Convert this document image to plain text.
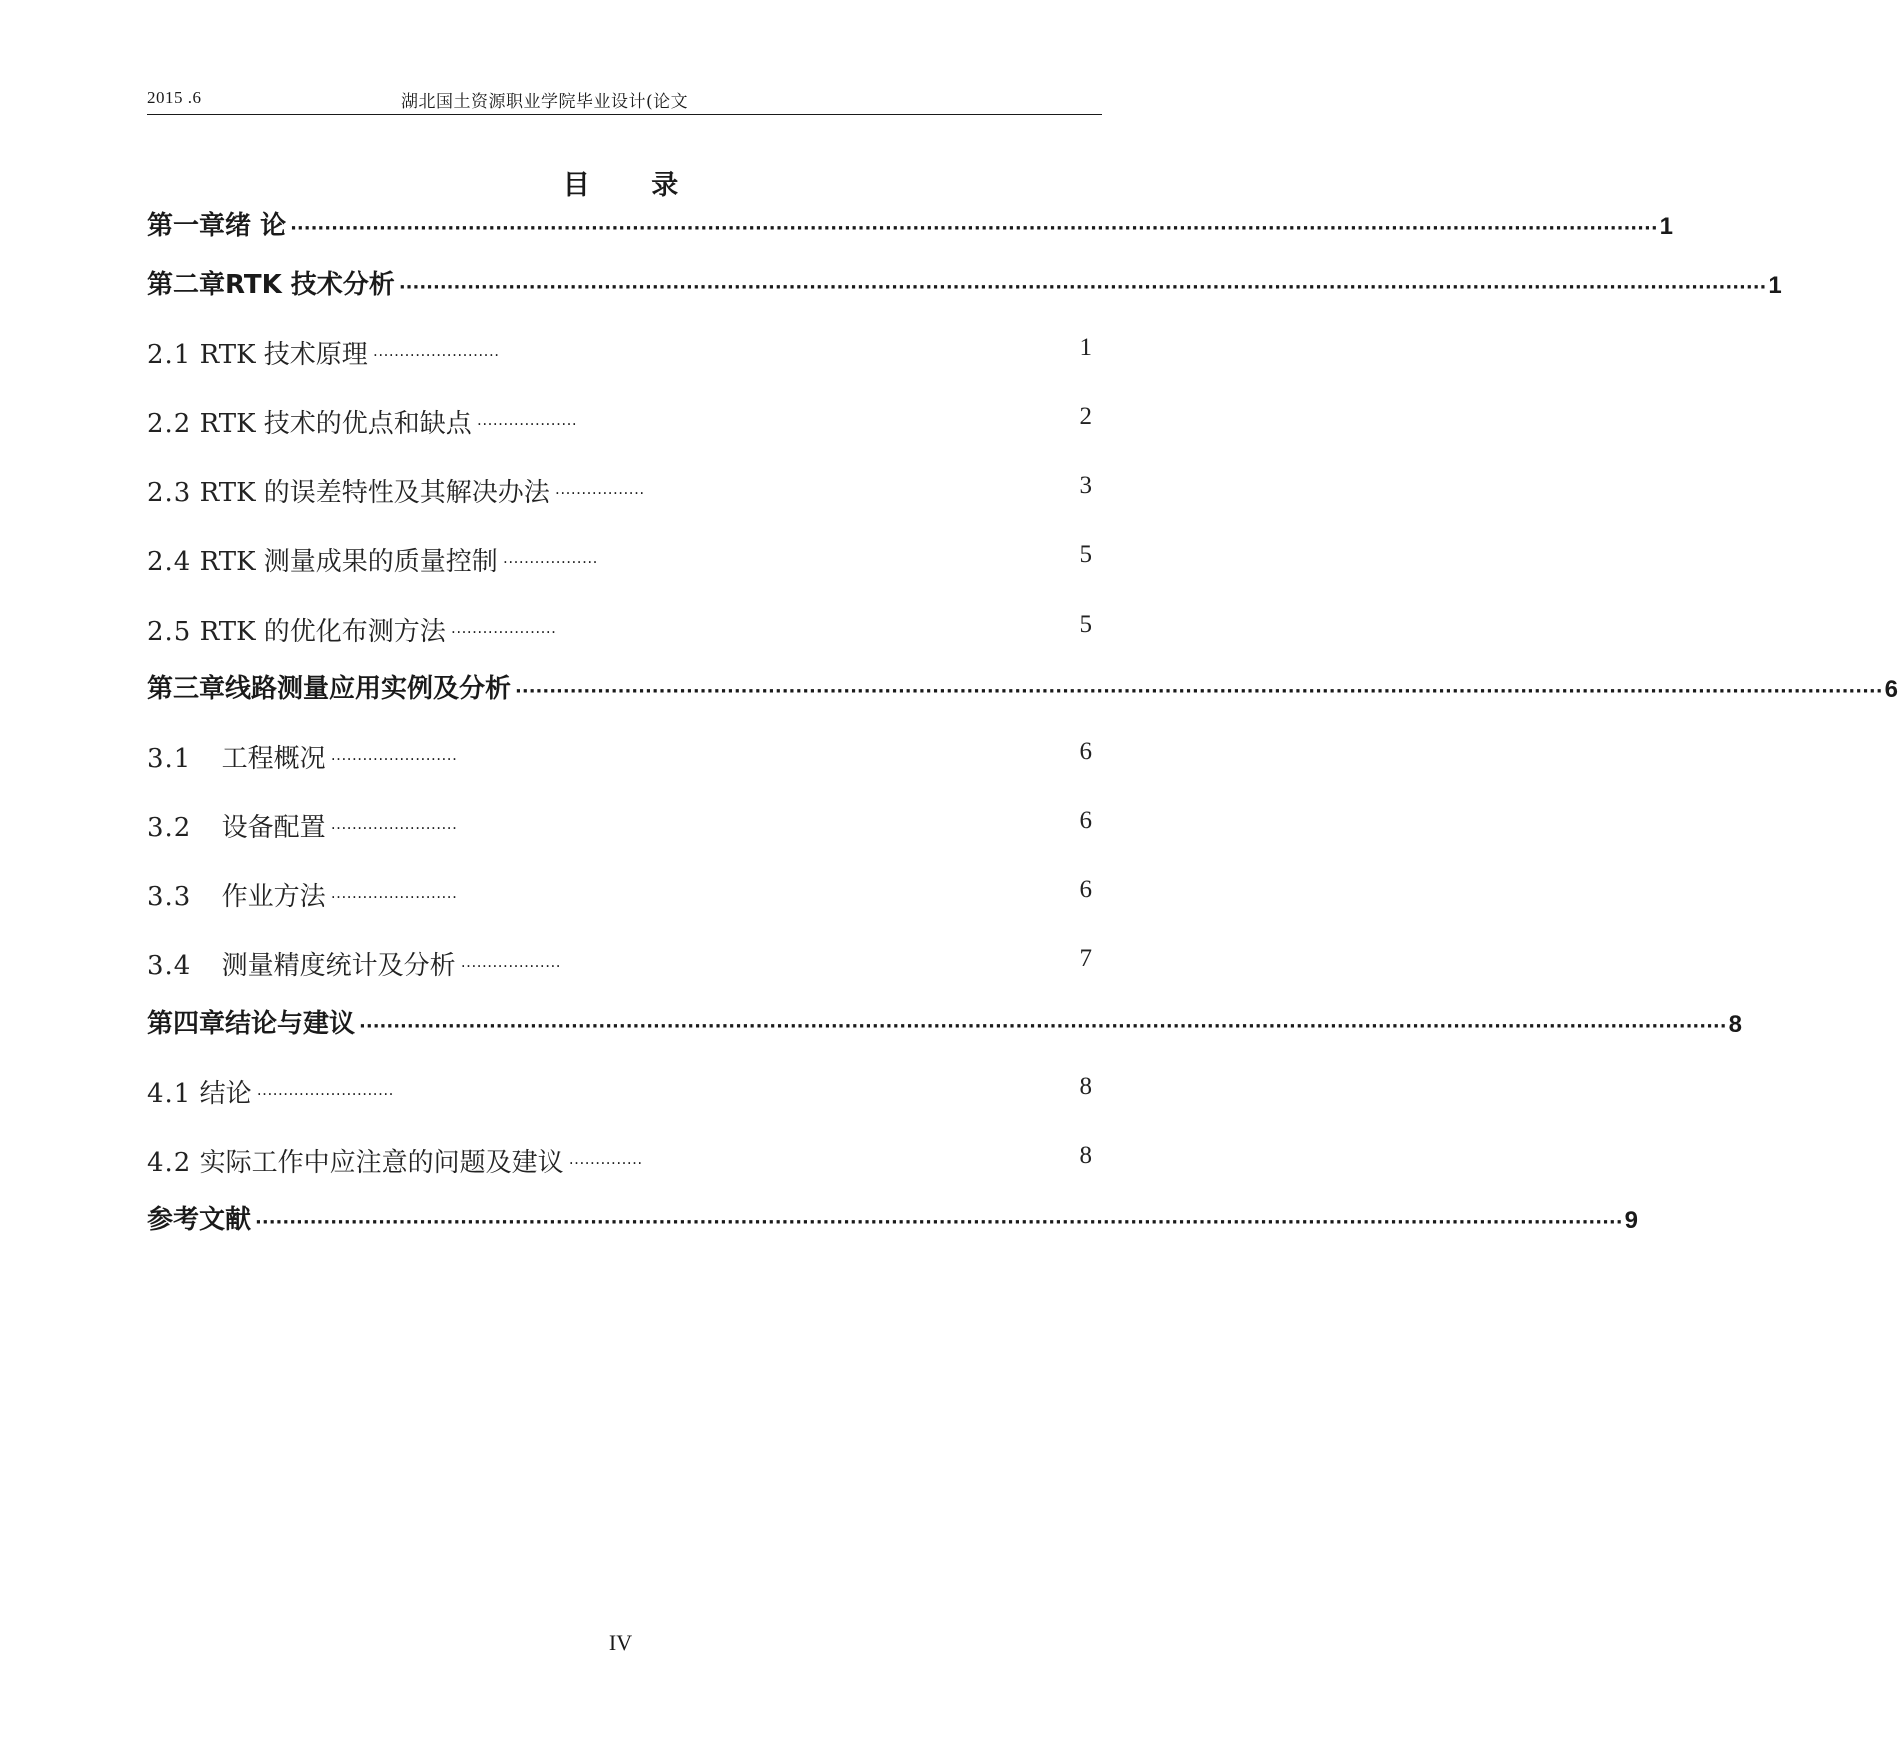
2015 .6	湖北国土资源职业学院毕业设计(论文
目 录
第一章 绪 论 ········································································································································································································ 1
第二章 RTK 技术分析 ········································································································································································································ 1
2.1 RTK 技术原理 ························	1
2.2 RTK 技术的优点和缺点 ···················	2
2.3 RTK 的误差特性及其解决办法 ·················	3
2.4 RTK 测量成果的质量控制 ··················	5
2.5 RTK 的优化布测方法 ····················	5
第三章 线路测量应用实例及分析 ········································································································································································································ 6
3.1 工程概况 ························	6
3.2 设备配置 ························	6
3.3 作业方法 ························	6
3.4 测量精度统计及分析 ···················	7
第四章 结论与建议 ········································································································································································································ 8
4.1 结论 ··························	8
4.2 实际工作中应注意的问题及建议 ··············	8
参考文献 ········································································································································································································ 9
IV
